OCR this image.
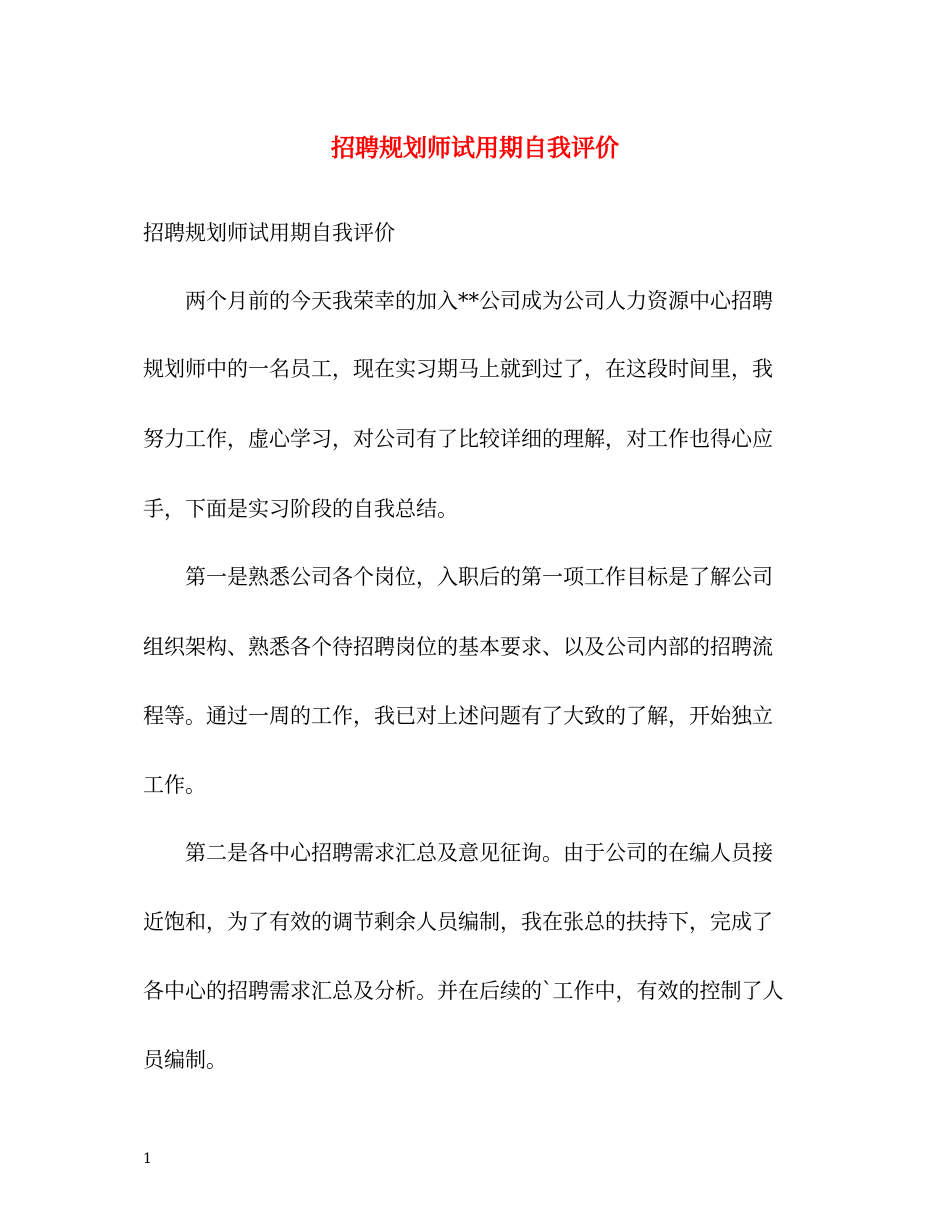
招聘规划师试用期自我评价
招聘规划师试用期自我评价
两个月前的今天我荣幸的加入**公司成为公司人力资源中心招聘
规划师中的一名员工，现在实习期马上就到过了，在这段时间里，我
努力工作，虚心学习，对公司有了比较详细的理解，对工作也得心应
手，下面是实习阶段的自我总结。
第一是熟悉公司各个岗位，入职后的第一项工作目标是了解公司
组织架构、熟悉各个待招聘岗位的基本要求、以及公司内部的招聘流
程等。通过一周的工作，我已对上述问题有了大致的了解，开始独立
工作。
第二是各中心招聘需求汇总及意见征询。由于公司的在编人员接
近饱和，为了有效的调节剩余人员编制，我在张总的扶持下，完成了
各中心的招聘需求汇总及分析。并在后续的`工作中，有效的控制了人
员编制。
1
